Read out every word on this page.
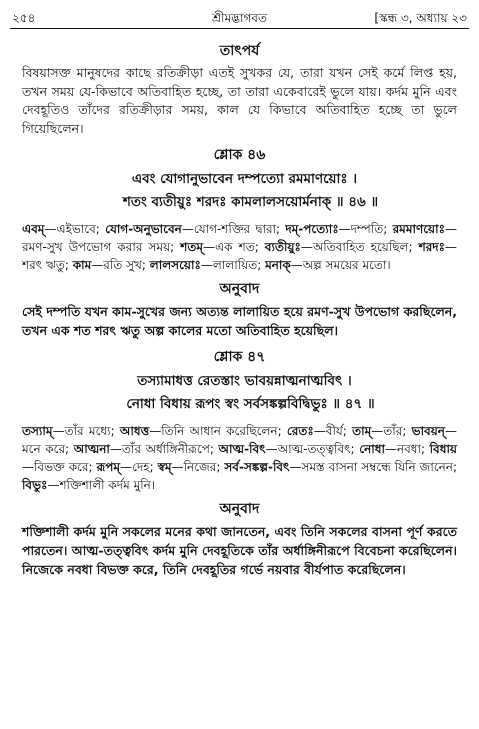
২৫৪	শ্রীমদ্ভাগবত	[স্কন্ধ ৩, অধ্যায় ২৩
তাৎপর্য

বিষয়াসক্ত মানুষদের কাছে রতিক্রীড়া এতই সুখকর যে, তারা যখন সেই কর্মে লিপ্ত হয়, তখন সময় যে-কিভাবে অতিবাহিত হচ্ছে, তা তারা একেবারেই ভুলে যায়। কর্দম মুনি এবং দেবহূতিও তাঁদের রতিক্রীড়ার সময়, কাল যে কিভাবে অতিবাহিত হচ্ছে তা ভুলে গিয়েছিলেন।

শ্লোক ৪৬
এবং যোগানুভাবেন দম্পত্যো রমমাণয়োঃ ।
শতং ব্যতীয়ুঃ শরদঃ কামলালসয়োর্মনাক্ ॥ ৪৬ ॥

এবম্—এইভাবে; যোগ-অনুভাবেন—যোগ-শক্তির দ্বারা; দম্-পত্যোঃ—দম্পতি; রমমাণয়োঃ—রমণ-সুখ উপভোগ করার সময়; শতম্—এক শত; ব্যতীয়ুঃ—অতিবাহিত হয়েছিল; শরদঃ—শরৎ ঋতু; কাম—রতি সুখ; লালসয়োঃ—লালায়িত; মনাক্—অল্প সময়ের মতো।

অনুবাদ

সেই দম্পতি যখন কাম-সুখের জন্য অত্যন্ত লালায়িত হয়ে রমণ-সুখ উপভোগ করছিলেন, তখন এক শত শরৎ ঋতু অল্প কালের মতো অতিবাহিত হয়েছিল।

শ্লোক ৪৭
তস্যামাধত্ত রেতস্তাং ভাবয়ন্নাত্মনাত্মবিৎ ।
নোধা বিধায় রূপং স্বং সর্বসঙ্কল্পবিদ্বিভুঃ ॥ ৪৭ ॥

তস্যাম্—তাঁর মধ্যে; আধত্ত—তিনি আধান করেছিলেন; রেতঃ—বীর্য; তাম্—তাঁর; ভাবয়ন্—মনে করে; আত্মনা—তাঁর অর্ধাঙ্গিনীরূপে; আত্ম-বিৎ—আত্ম-তত্ত্ববিৎ; নোধা—নবধা; বিধায়—বিভক্ত করে; রূপম্—দেহ; স্বম্—নিজের; সর্ব-সঙ্কল্প-বিৎ—সমস্ত বাসনা সম্বন্ধে যিনি জানেন; বিভুঃ—শক্তিশালী কর্দম মুনি।

অনুবাদ

শক্তিশালী কর্দম মুনি সকলের মনের কথা জানতেন, এবং তিনি সকলের বাসনা পূর্ণ করতে পারতেন। আত্ম-তত্ত্ববিৎ কর্দম মুনি দেবহূতিকে তাঁর অর্ধাঙ্গিনীরূপে বিবেচনা করেছিলেন। নিজেকে নবধা বিভক্ত করে, তিনি দেবহূতির গর্ভে নয়বার বীর্যপাত করেছিলেন।
